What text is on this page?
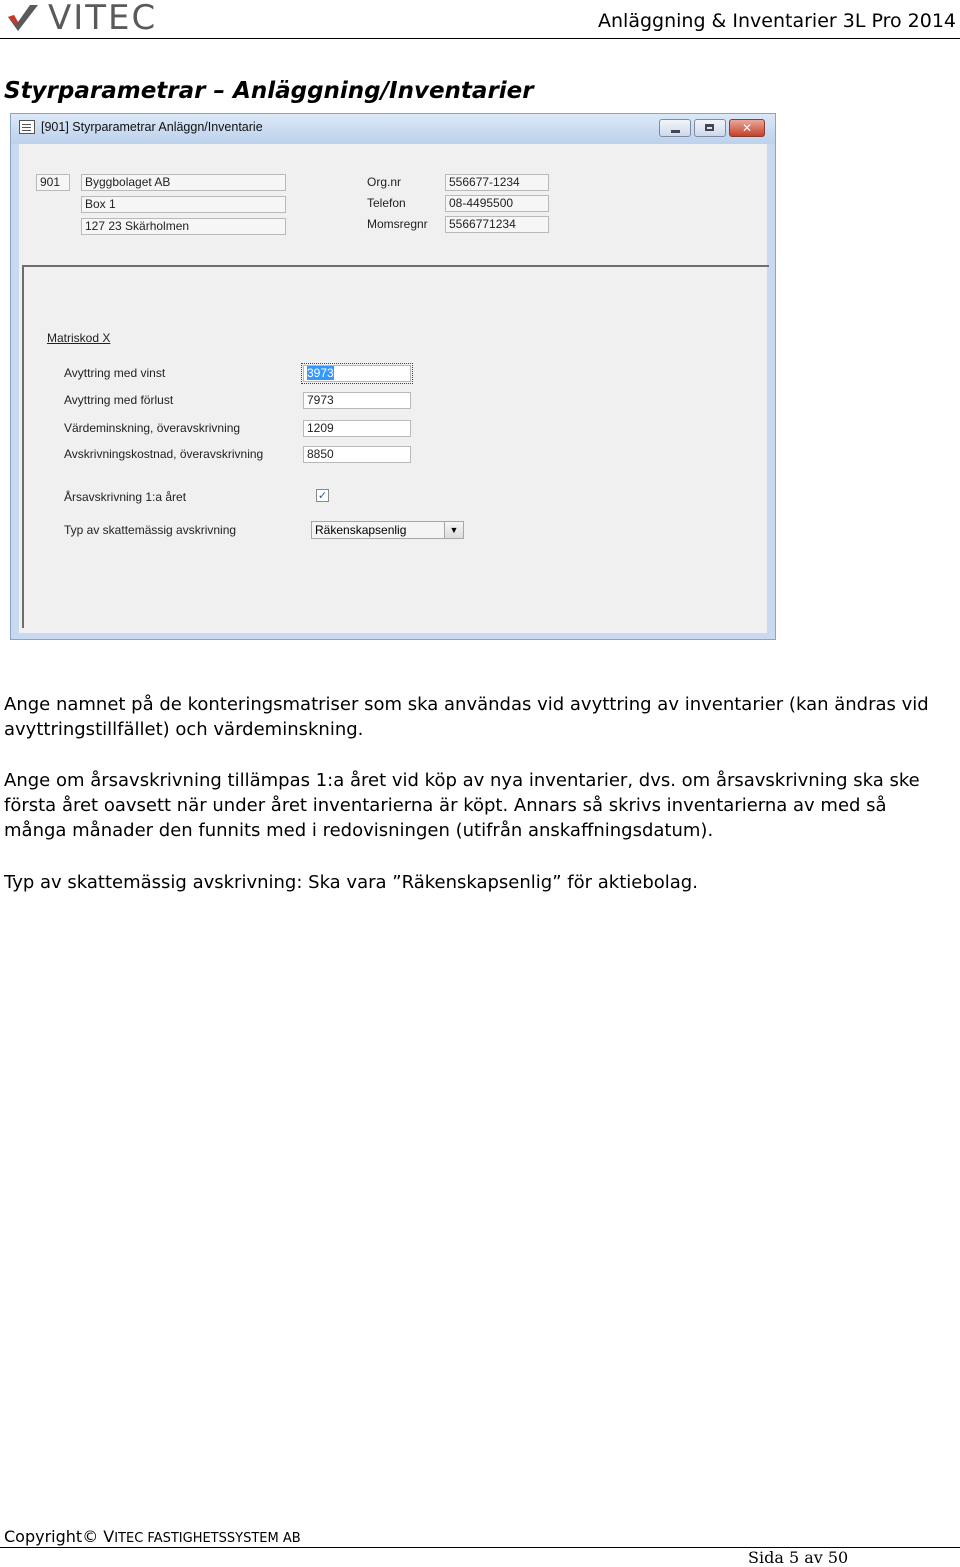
VITEC	Anläggning & Inventarier 3L Pro 2014
Styrparametrar – Anläggning/Inventarier
[901] Styrparametrar Anläggn/Inventarie	✕
901	Byggbolaget AB
Box 1
127 23 Skärholmen
Org.nr	556677-1234
Telefon	08-4495500
Momsregnr	5566771234
Matriskod X
Avyttring med vinst	3973
Avyttring med förlust	7973
Värdeminskning, överavskrivning	1209
Avskrivningskostnad, överavskrivning	8850
Årsavskrivning 1:a året	✓
Typ av skattemässig avskrivning	Räkenskapsenlig	▼
Ange namnet på de konteringsmatriser som ska användas vid avyttring av inventarier (kan ändras vid avyttringstillfället) och värdeminskning.
Ange om årsavskrivning tillämpas 1:a året vid köp av nya inventarier, dvs. om årsavskrivning ska ske första året oavsett när under året inventarierna är köpt. Annars så skrivs inventarierna av med så många månader den funnits med i redovisningen (utifrån anskaffningsdatum).
Typ av skattemässig avskrivning: Ska vara ”Räkenskapsenlig” för aktiebolag.
Copyright© VITEC FASTIGHETSSYSTEM AB
Sida 5 av 50
